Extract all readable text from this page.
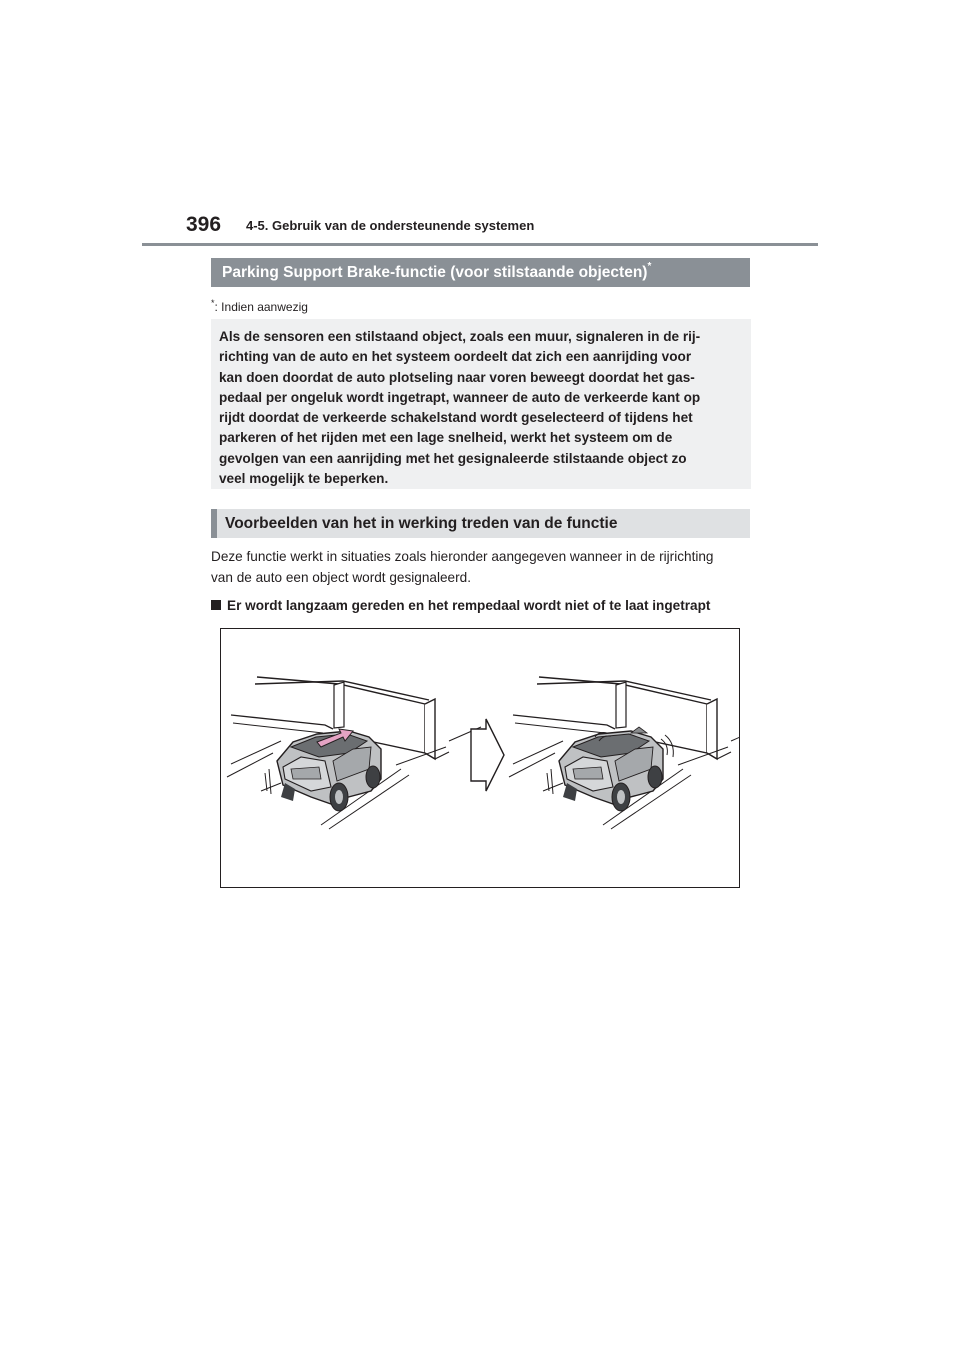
396 4-5. Gebruik van de ondersteunende systemen
Parking Support Brake-functie (voor stilstaande objecten)*
*: Indien aanwezig
Als de sensoren een stilstaand object, zoals een muur, signaleren in de rij-
richting van de auto en het systeem oordeelt dat zich een aanrijding voor
kan doen doordat de auto plotseling naar voren beweegt doordat het gas-
pedaal per ongeluk wordt ingetrapt, wanneer de auto de verkeerde kant op
rijdt doordat de verkeerde schakelstand wordt geselecteerd of tijdens het
parkeren of het rijden met een lage snelheid, werkt het systeem om de
gevolgen van een aanrijding met het gesignaleerde stilstaande object zo
veel mogelijk te beperken.
Voorbeelden van het in werking treden van de functie
Deze functie werkt in situaties zoals hieronder aangegeven wanneer in de rijrichting
van de auto een object wordt gesignaleerd.
Er wordt langzaam gereden en het rempedaal wordt niet of te laat ingetrapt
